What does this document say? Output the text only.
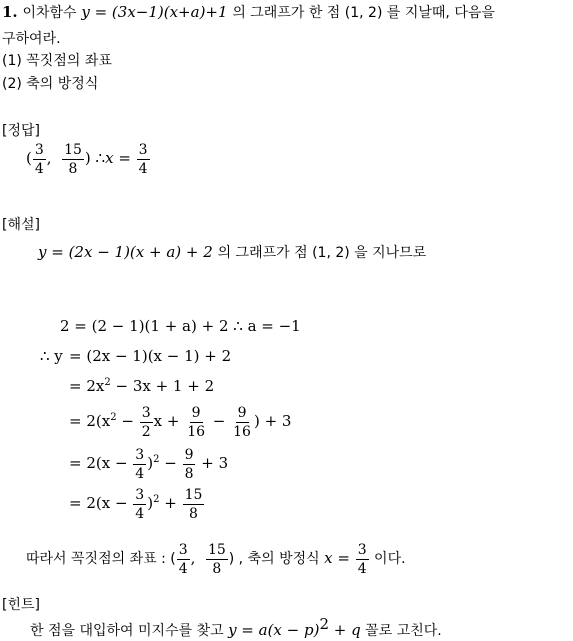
1. 이차함수 y = (3x−1)(x+a)+1 의 그래프가 한 점 (1, 2) 를 지날때, 다음을
구하여라.
(1) 꼭짓점의 좌표
(2) 축의 방정식
[정답]
( $\frac{3}{4}$ , $\frac{15}{8}$ ) ∴x = $\frac{3}{4}$
[해설]
y = (2x − 1)(x + a) + 2 의 그래프가 점 (1, 2) 을 지나므로
2 = (2 − 1)(1 + a) + 2 ∴ a = −1
∴ y = (2x − 1)(x − 1) + 2
= $2x^2 - 3x + 1 + 2$
= $2(x^2 - \frac{3}{2}$ $x + \frac{9}{16} - \frac{9}{16}$ ) + 3
= $2(x - \frac{3}{4} )^2 - \frac{9}{8} + 3$
= $2(x - \frac{3}{4} )^2 + \frac{15}{8}$
따라서 꼭짓점의 좌표 : ( $\frac{3}{4}$ , $\frac{15}{8}$ ) , 축의 방정식 $x = \frac{3}{4}$ 이다.
[힌트]
한 점을 대입하여 미지수를 찾고 $y = a(x - p)^2 + q$ 꼴로 고친다.
